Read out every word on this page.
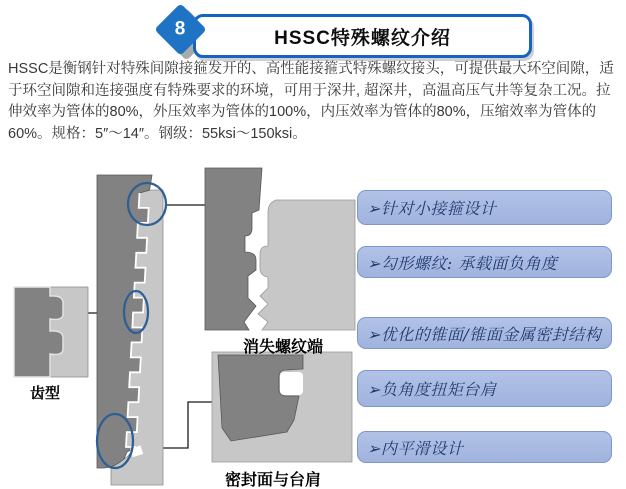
HSSC特殊螺纹介绍
8
HSSC是衡钢针对特殊间隙接箍发开的、高性能接箍式特殊螺纹接头，可提供最大环空间隙，适
于环空间隙和连接强度有特殊要求的环境，可用于深井, 超深井，高温高压气井等复杂工况。拉
伸效率为管体的80%，外压效率为管体的100%，内压效率为管体的80%，压缩效率为管体的
60%。规格：5″～14″。钢级：55ksi～150ksi。
齿型
消失螺纹端
密封面与台肩
➢针对小接箍设计
➢勾形螺纹: 承载面负角度
➢优化的锥面/锥面金属密封结构
➢负角度扭矩台肩
➢内平滑设计
